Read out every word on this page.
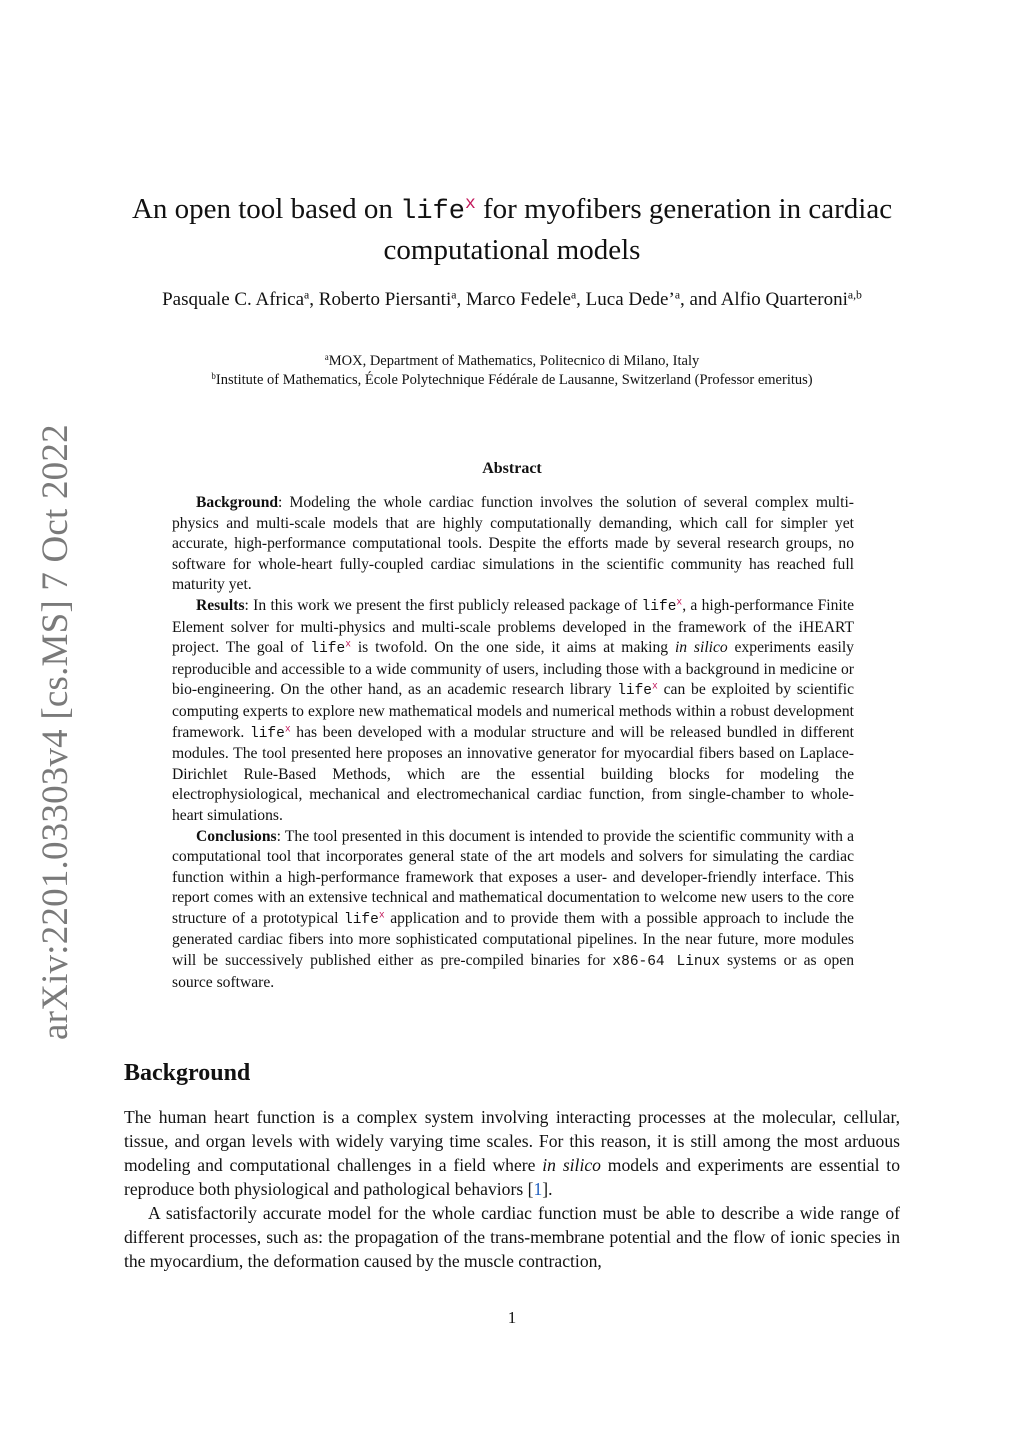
arXiv:2201.03303v4 [cs.MS] 7 Oct 2022
An open tool based on life$^x$ for myofibers generation in cardiac computational models
Pasquale C. Africa$^a$, Roberto Piersanti$^a$, Marco Fedele$^a$, Luca Dede’$^a$, and Alfio Quarteroni$^{a,b}$
$^a$MOX, Department of Mathematics, Politecnico di Milano, Italy
$^b$Institute of Mathematics, École Polytechnique Fédérale de Lausanne, Switzerland (Professor emeritus)
Abstract

Background: Modeling the whole cardiac function involves the solution of several complex multi-physics and multi-scale models that are highly computationally demanding, which call for simpler yet accurate, high-performance computational tools. Despite the efforts made by several research groups, no software for whole-heart fully-coupled cardiac simulations in the scientific community has reached full maturity yet.

Results: In this work we present the first publicly released package of life$^x$, a high-performance Finite Element solver for multi-physics and multi-scale problems developed in the framework of the iHEART project. The goal of life$^x$ is twofold. On the one side, it aims at making in silico experiments easily reproducible and accessible to a wide community of users, including those with a background in medicine or bio-engineering. On the other hand, as an academic research library life$^x$ can be exploited by scientific computing experts to explore new mathematical models and numerical methods within a robust development framework. life$^x$ has been developed with a modular structure and will be released bundled in different modules. The tool presented here proposes an innovative generator for myocardial fibers based on Laplace-Dirichlet Rule-Based Methods, which are the essential building blocks for modeling the electrophysiological, mechanical and electromechanical cardiac function, from single-chamber to whole-heart simulations.

Conclusions: The tool presented in this document is intended to provide the scientific community with a computational tool that incorporates general state of the art models and solvers for simulating the cardiac function within a high-performance framework that exposes a user- and developer-friendly interface. This report comes with an extensive technical and mathematical documentation to welcome new users to the core structure of a prototypical life$^x$ application and to provide them with a possible approach to include the generated cardiac fibers into more sophisticated computational pipelines. In the near future, more modules will be successively published either as pre-compiled binaries for x86-64 Linux systems or as open source software.

Background

The human heart function is a complex system involving interacting processes at the molecular, cellular, tissue, and organ levels with widely varying time scales. For this reason, it is still among the most arduous modeling and computational challenges in a field where in silico models and experiments are essential to reproduce both physiological and pathological behaviors [1].

A satisfactorily accurate model for the whole cardiac function must be able to describe a wide range of different processes, such as: the propagation of the trans-membrane potential and the flow of ionic species in the myocardium, the deformation caused by the muscle contraction,

1
